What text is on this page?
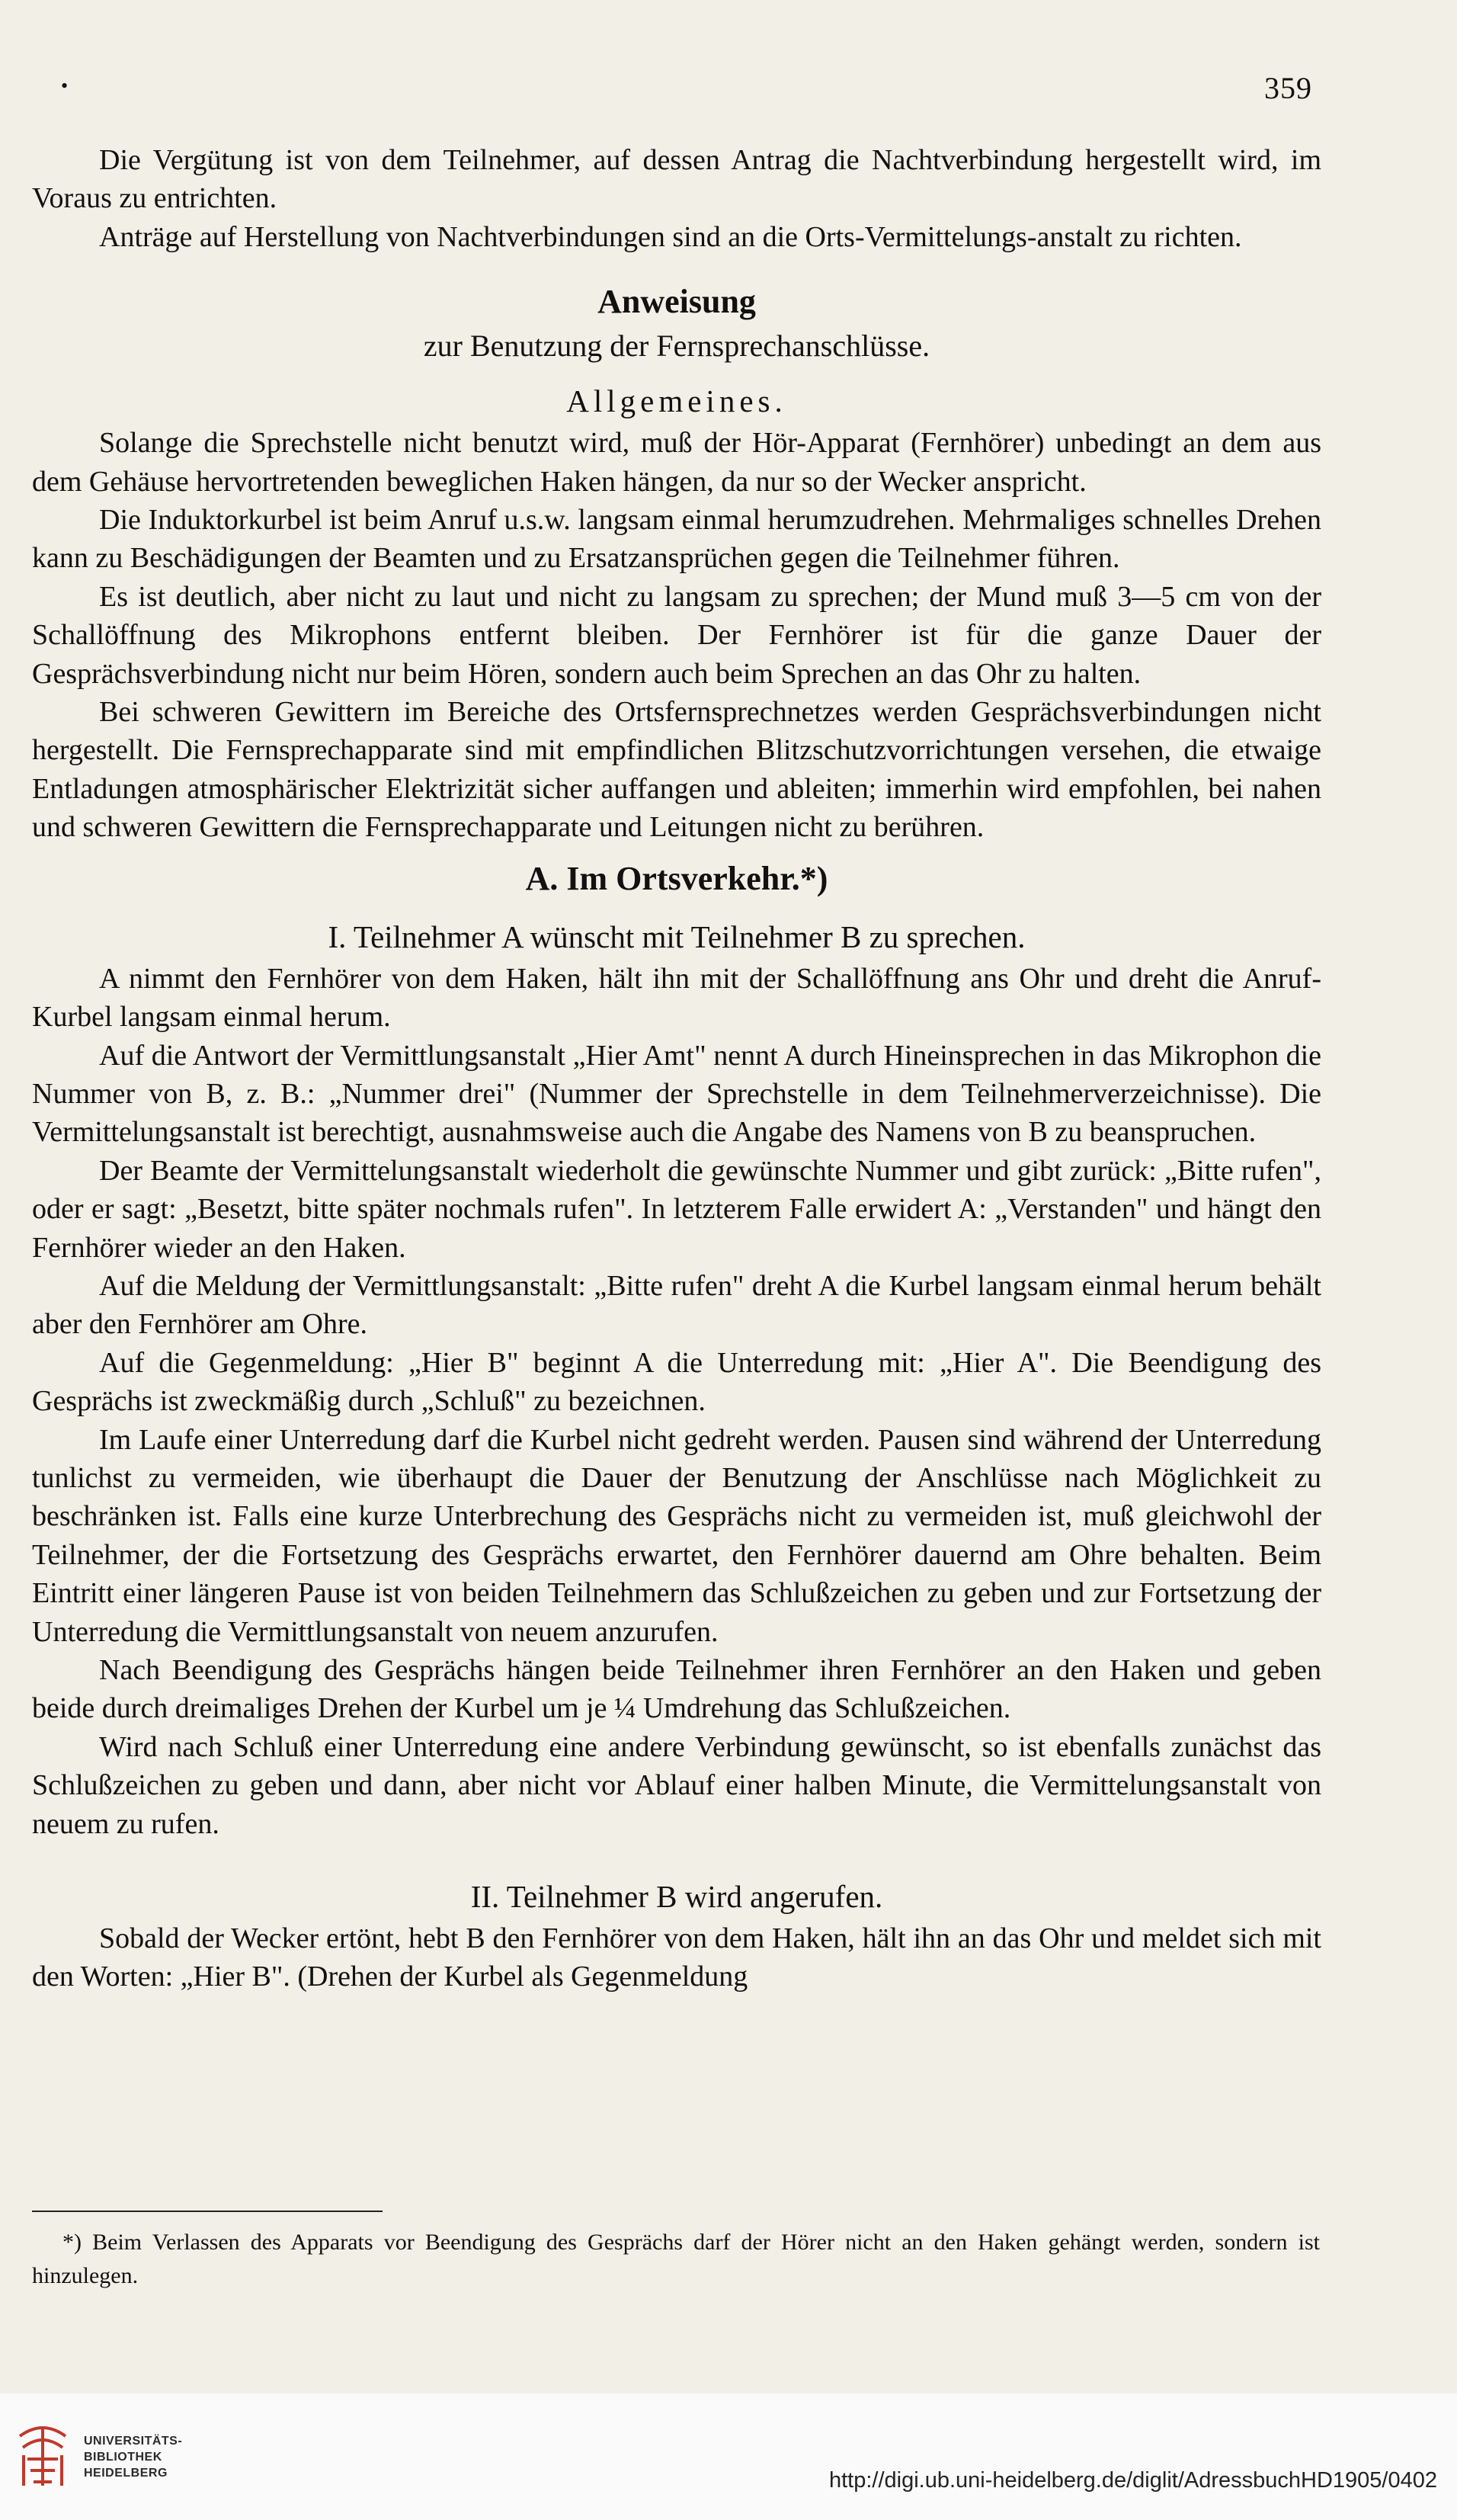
•	359

Die Vergütung ist von dem Teilnehmer, auf dessen Antrag die Nachtverbindung hergestellt wird, im Voraus zu entrichten.

Anträge auf Herstellung von Nachtverbindungen sind an die Orts-Vermittelungs-anstalt zu richten.

Anweisung
zur Benutzung der Fernsprechanschlüsse.
Allgemeines.

Solange die Sprechstelle nicht benutzt wird, muß der Hör-Apparat (Fernhörer) unbedingt an dem aus dem Gehäuse hervortretenden beweglichen Haken hängen, da nur so der Wecker anspricht.

Die Induktorkurbel ist beim Anruf u.s.w. langsam einmal herumzudrehen. Mehrmaliges schnelles Drehen kann zu Beschädigungen der Beamten und zu Ersatzansprüchen gegen die Teilnehmer führen.

Es ist deutlich, aber nicht zu laut und nicht zu langsam zu sprechen; der Mund muß 3—5 cm von der Schallöffnung des Mikrophons entfernt bleiben. Der Fernhörer ist für die ganze Dauer der Gesprächsverbindung nicht nur beim Hören, sondern auch beim Sprechen an das Ohr zu halten.

Bei schweren Gewittern im Bereiche des Ortsfernsprechnetzes werden Gesprächsverbindungen nicht hergestellt. Die Fernsprechapparate sind mit empfindlichen Blitzschutzvorrichtungen versehen, die etwaige Entladungen atmosphärischer Elektrizität sicher auffangen und ableiten; immerhin wird empfohlen, bei nahen und schweren Gewittern die Fernsprechapparate und Leitungen nicht zu berühren.

A. Im Ortsverkehr.*)
I. Teilnehmer A wünscht mit Teilnehmer B zu sprechen.

A nimmt den Fernhörer von dem Haken, hält ihn mit der Schallöffnung ans Ohr und dreht die Anruf-Kurbel langsam einmal herum.

Auf die Antwort der Vermittlungsanstalt „Hier Amt" nennt A durch Hineinsprechen in das Mikrophon die Nummer von B, z. B.: „Nummer drei" (Nummer der Sprechstelle in dem Teilnehmerverzeichnisse). Die Vermittelungsanstalt ist berechtigt, ausnahmsweise auch die Angabe des Namens von B zu beanspruchen.

Der Beamte der Vermittelungsanstalt wiederholt die gewünschte Nummer und gibt zurück: „Bitte rufen", oder er sagt: „Besetzt, bitte später nochmals rufen". In letzterem Falle erwidert A: „Verstanden" und hängt den Fernhörer wieder an den Haken.

Auf die Meldung der Vermittlungsanstalt: „Bitte rufen" dreht A die Kurbel langsam einmal herum behält aber den Fernhörer am Ohre.

Auf die Gegenmeldung: „Hier B" beginnt A die Unterredung mit: „Hier A". Die Beendigung des Gesprächs ist zweckmäßig durch „Schluß" zu bezeichnen.

Im Laufe einer Unterredung darf die Kurbel nicht gedreht werden. Pausen sind während der Unterredung tunlichst zu vermeiden, wie überhaupt die Dauer der Benutzung der Anschlüsse nach Möglichkeit zu beschränken ist. Falls eine kurze Unterbrechung des Gesprächs nicht zu vermeiden ist, muß gleichwohl der Teilnehmer, der die Fortsetzung des Gesprächs erwartet, den Fernhörer dauernd am Ohre behalten. Beim Eintritt einer längeren Pause ist von beiden Teilnehmern das Schlußzeichen zu geben und zur Fortsetzung der Unterredung die Vermittlungsanstalt von neuem anzurufen.

Nach Beendigung des Gesprächs hängen beide Teilnehmer ihren Fernhörer an den Haken und geben beide durch dreimaliges Drehen der Kurbel um je ¼ Umdrehung das Schlußzeichen.

Wird nach Schluß einer Unterredung eine andere Verbindung gewünscht, so ist ebenfalls zunächst das Schlußzeichen zu geben und dann, aber nicht vor Ablauf einer halben Minute, die Vermittelungsanstalt von neuem zu rufen.

II. Teilnehmer B wird angerufen.

Sobald der Wecker ertönt, hebt B den Fernhörer von dem Haken, hält ihn an das Ohr und meldet sich mit den Worten: „Hier B". (Drehen der Kurbel als Gegenmeldung

*) Beim Verlassen des Apparats vor Beendigung des Gesprächs darf der Hörer nicht an den Haken gehängt werden, sondern ist hinzulegen.
UNIVERSITÄTS-
BIBLIOTHEK
HEIDELBERG	http://digi.ub.uni-heidelberg.de/diglit/AdressbuchHD1905/0402
